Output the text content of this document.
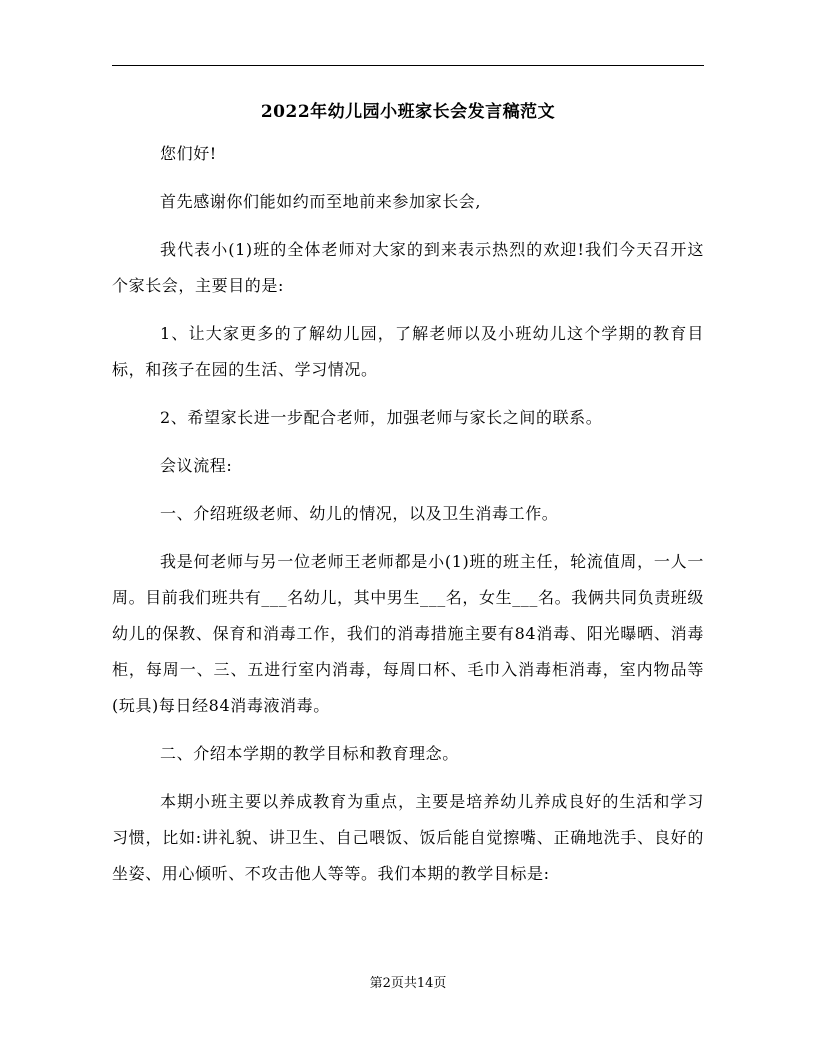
2022年幼儿园小班家长会发言稿范文

您们好!

首先感谢你们能如约而至地前来参加家长会,

我代表小(1)班的全体老师对大家的到来表示热烈的欢迎!我们今天召开这个家长会，主要目的是:

1、让大家更多的了解幼儿园，了解老师以及小班幼儿这个学期的教育目标，和孩子在园的生活、学习情况。

2、希望家长进一步配合老师，加强老师与家长之间的联系。

会议流程:

一、介绍班级老师、幼儿的情况，以及卫生消毒工作。

我是何老师与另一位老师王老师都是小(1)班的班主任，轮流值周，一人一周。目前我们班共有___名幼儿，其中男生___名，女生___名。我俩共同负责班级幼儿的保教、保育和消毒工作，我们的消毒措施主要有84消毒、阳光曝晒、消毒柜，每周一、三、五进行室内消毒，每周口杯、毛巾入消毒柜消毒，室内物品等(玩具)每日经84消毒液消毒。

二、介绍本学期的教学目标和教育理念。

本期小班主要以养成教育为重点，主要是培养幼儿养成良好的生活和学习习惯，比如:讲礼貌、讲卫生、自己喂饭、饭后能自觉擦嘴、正确地洗手、良好的坐姿、用心倾听、不攻击他人等等。我们本期的教学目标是:

第2页共14页
